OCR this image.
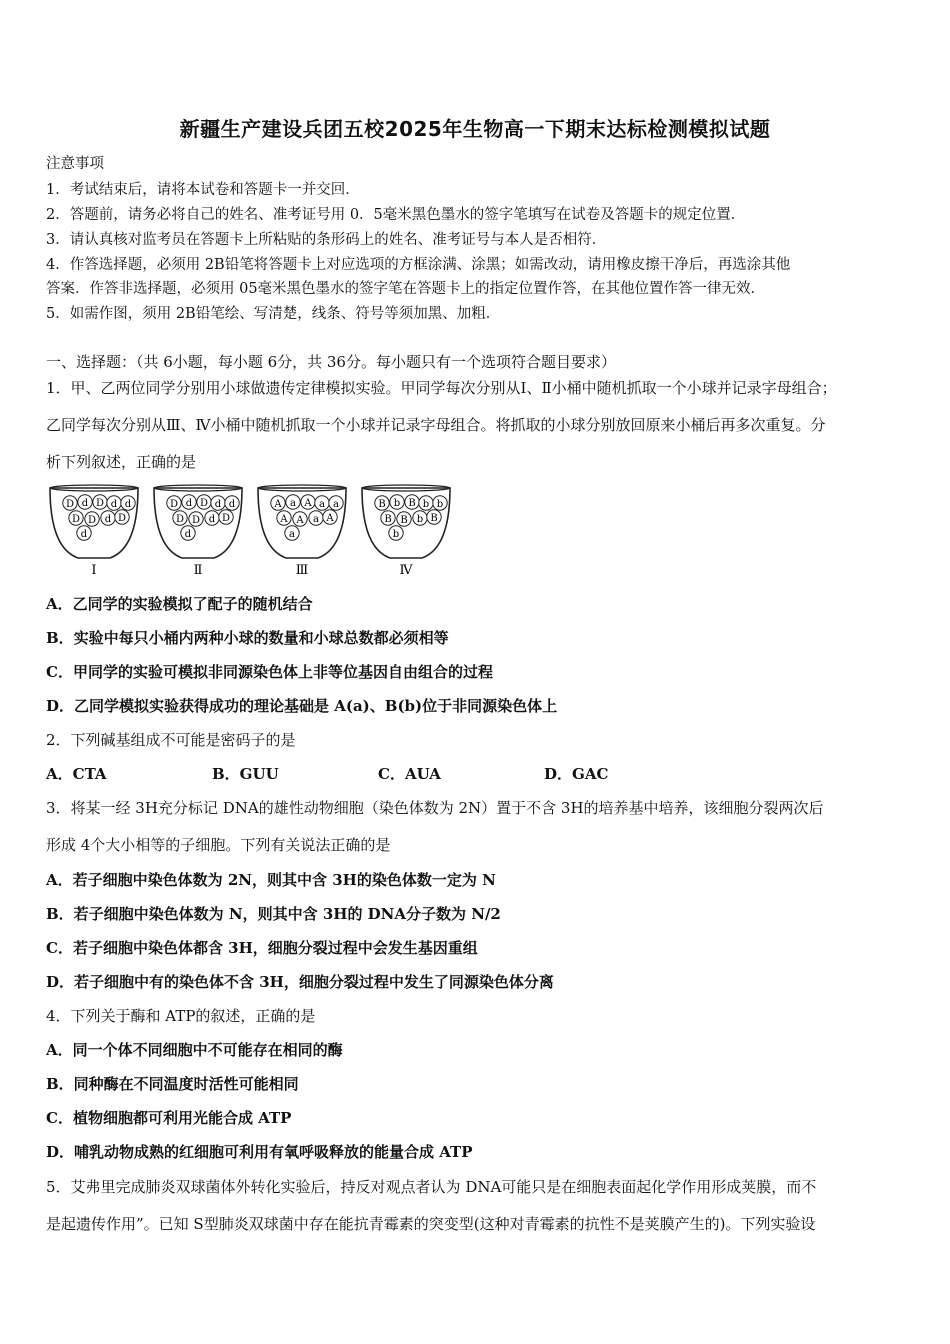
新疆生产建设兵团五校2025年生物高一下期末达标检测模拟试题
注意事项
1．考试结束后，请将本试卷和答题卡一并交回．
2．答题前，请务必将自己的姓名、准考证号用 0．5毫米黑色墨水的签字笔填写在试卷及答题卡的规定位置．
3．请认真核对监考员在答题卡上所粘贴的条形码上的姓名、准考证号与本人是否相符．
4．作答选择题，必须用 2B铅笔将答题卡上对应选项的方框涂满、涂黑；如需改动，请用橡皮擦干净后，再选涂其他
答案．作答非选择题，必须用 05毫米黑色墨水的签字笔在答题卡上的指定位置作答，在其他位置作答一律无效．
5．如需作图，须用 2B铅笔绘、写清楚，线条、符号等须加黑、加粗．
一、选择题：（共 6小题，每小题 6分，共 36分。每小题只有一个选项符合题目要求）
1．甲、乙两位同学分别用小球做遗传定律模拟实验。甲同学每次分别从Ⅰ、Ⅱ小桶中随机抓取一个小球并记录字母组合；
乙同学每次分别从Ⅲ、Ⅳ小桶中随机抓取一个小球并记录字母组合。将抓取的小球分别放回原来小桶后再多次重复。分
析下列叙述，正确的是
D d D d d
D D d D
d
Ⅰ
D d D d d
D D d D
d
Ⅱ
A a A a a
A A a A
a
Ⅲ
B b B b b
B B b B
b
Ⅳ
A．乙同学的实验模拟了配子的随机结合
B．实验中每只小桶内两种小球的数量和小球总数都必须相等
C．甲同学的实验可模拟非同源染色体上非等位基因自由组合的过程
D．乙同学模拟实验获得成功的理论基础是 A(a)、B(b)位于非同源染色体上
2．下列碱基组成不可能是密码子的是
A．CTA	B．GUU	C．AUA	D．GAC
3．将某一经 3H充分标记 DNA的雄性动物细胞（染色体数为 2N）置于不含 3H的培养基中培养，该细胞分裂两次后
形成 4个大小相等的子细胞。下列有关说法正确的是
A．若子细胞中染色体数为 2N，则其中含 3H的染色体数一定为 N
B．若子细胞中染色体数为 N，则其中含 3H的 DNA分子数为 N/2
C．若子细胞中染色体都含 3H，细胞分裂过程中会发生基因重组
D．若子细胞中有的染色体不含 3H，细胞分裂过程中发生了同源染色体分离
4．下列关于酶和 ATP的叙述，正确的是
A．同一个体不同细胞中不可能存在相同的酶
B．同种酶在不同温度时活性可能相同
C．植物细胞都可利用光能合成 ATP
D．哺乳动物成熟的红细胞可利用有氧呼吸释放的能量合成 ATP
5．艾弗里完成肺炎双球菌体外转化实验后，持反对观点者认为 DNA可能只是在细胞表面起化学作用形成荚膜，而不
是起遗传作用”。已知 S型肺炎双球菌中存在能抗青霉素的突变型(这种对青霉素的抗性不是荚膜产生的)。下列实验设
